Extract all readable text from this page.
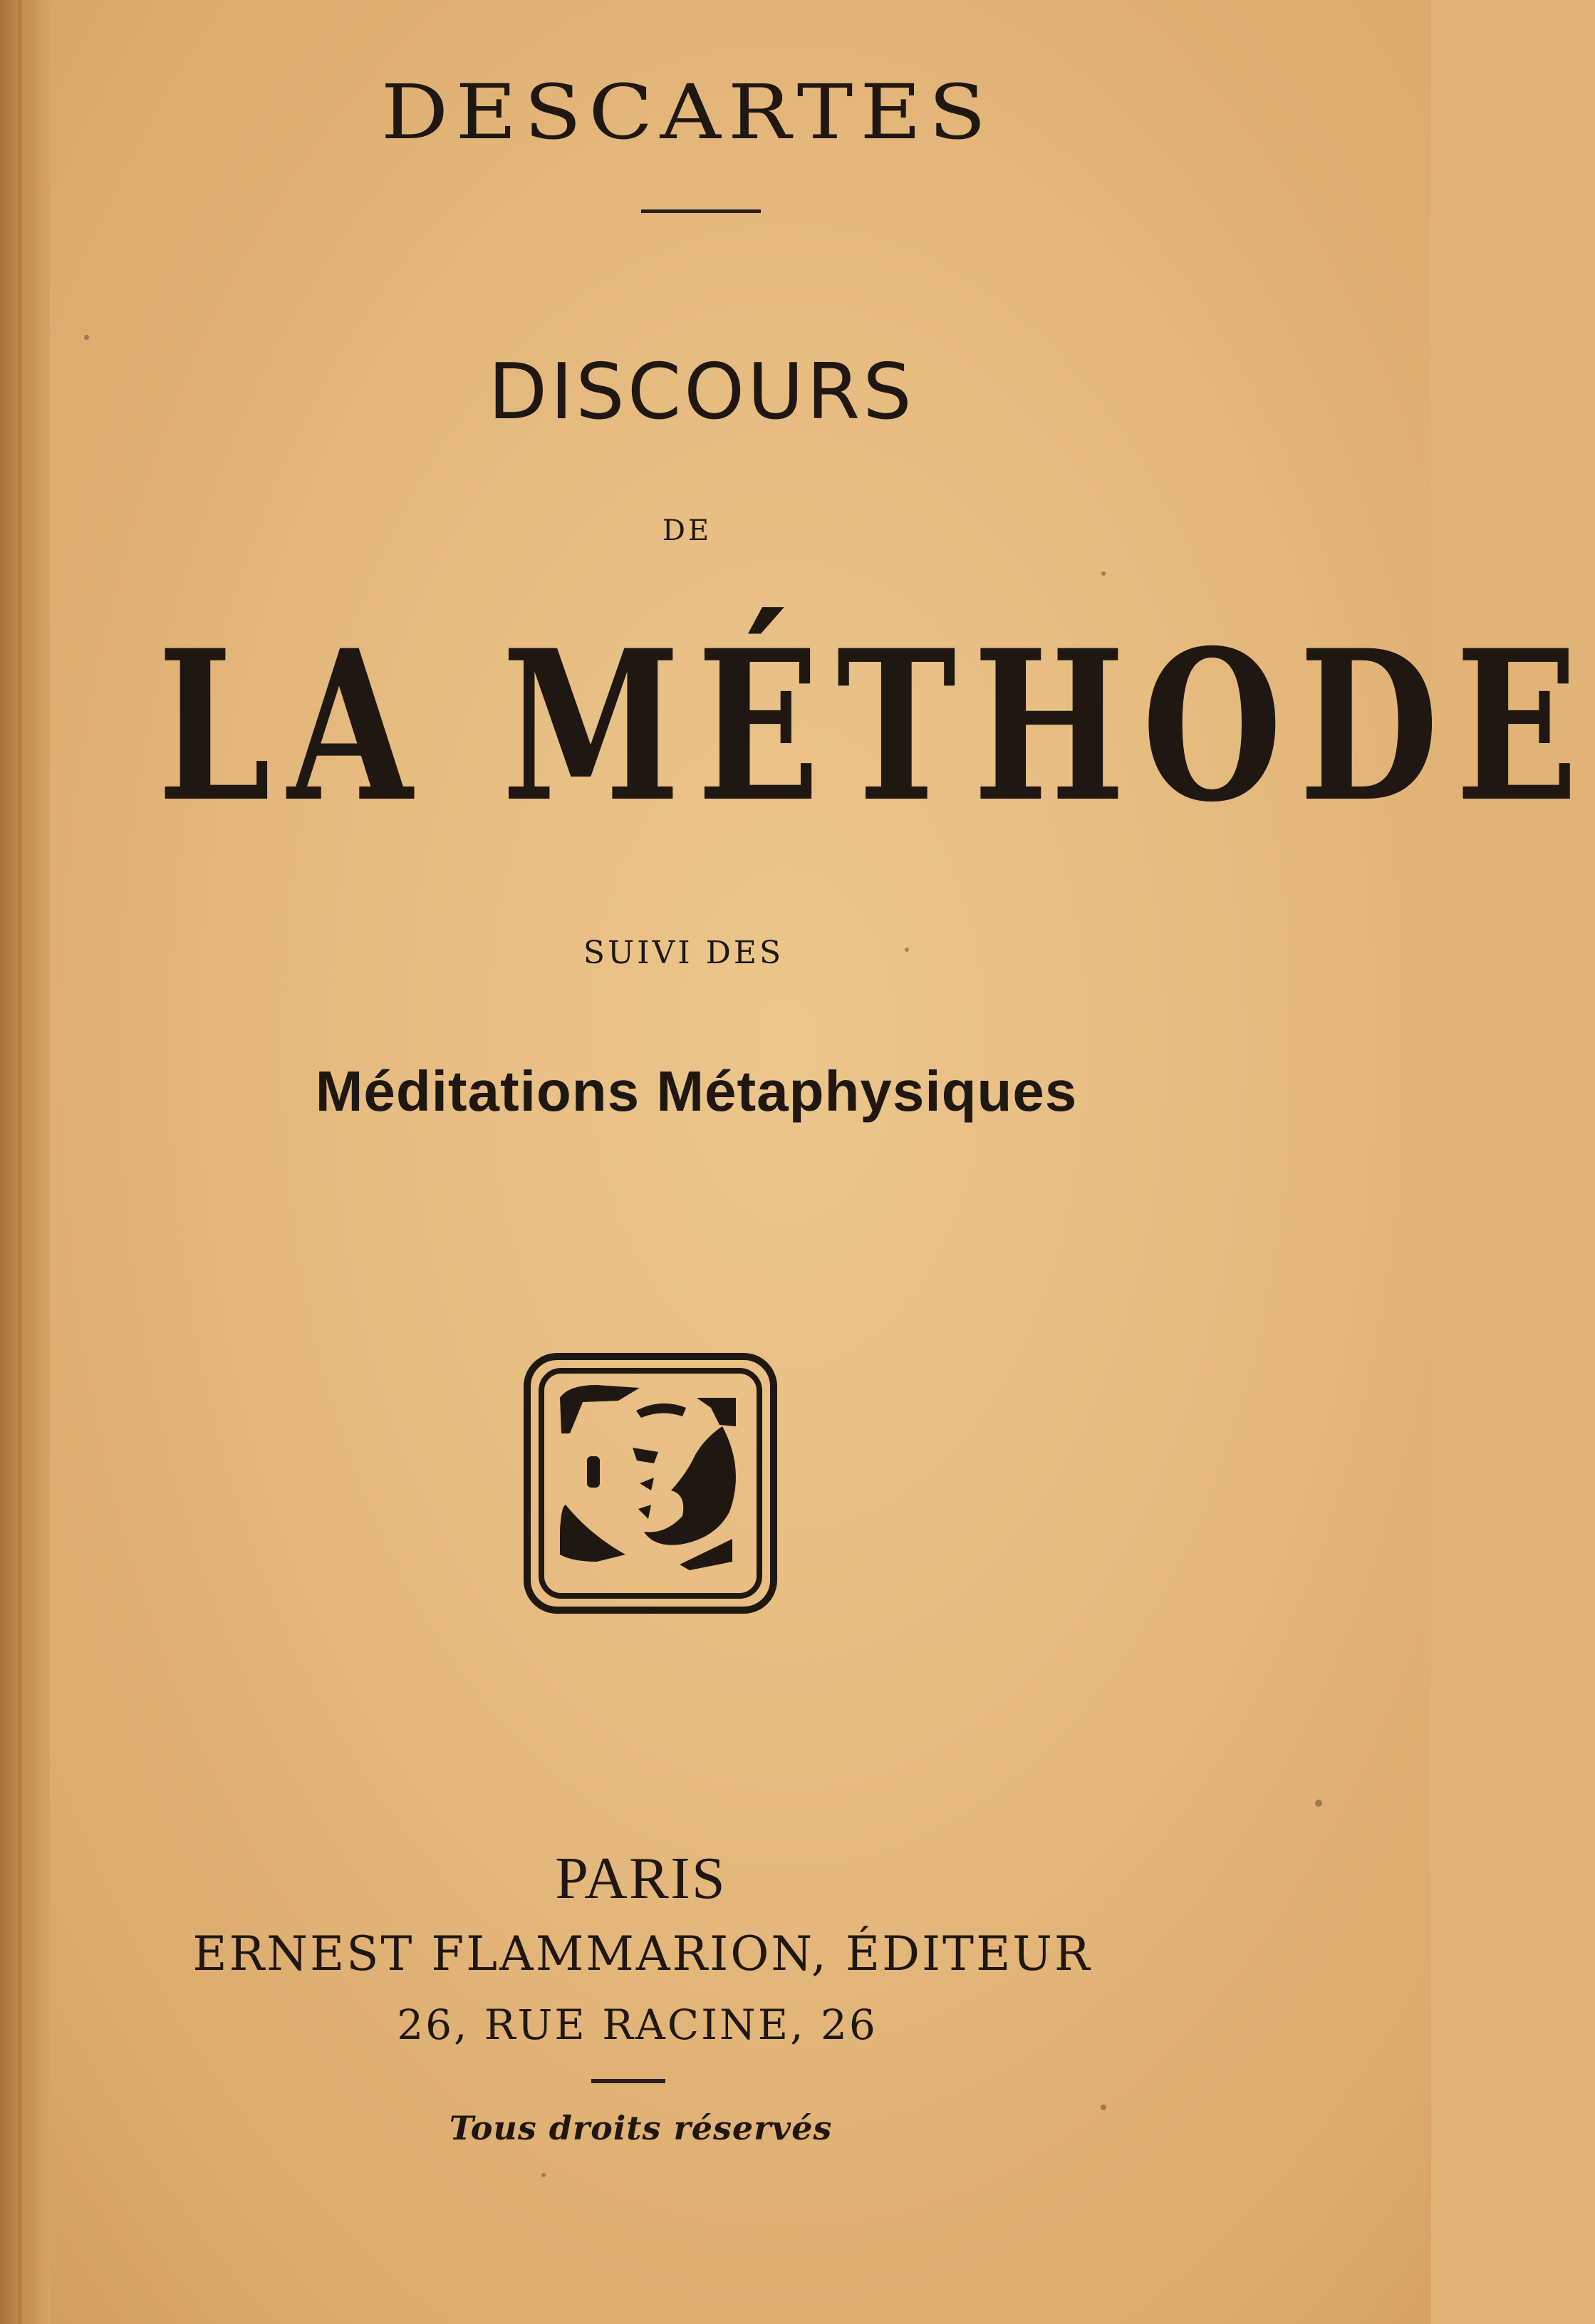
DESCARTES
DISCOURS
DE
LA MÉTHODE
SUIVI DES
Méditations Métaphysiques
PARIS
ERNEST FLAMMARION, ÉDITEUR
26, RUE RACINE, 26
Tous droits réservés
